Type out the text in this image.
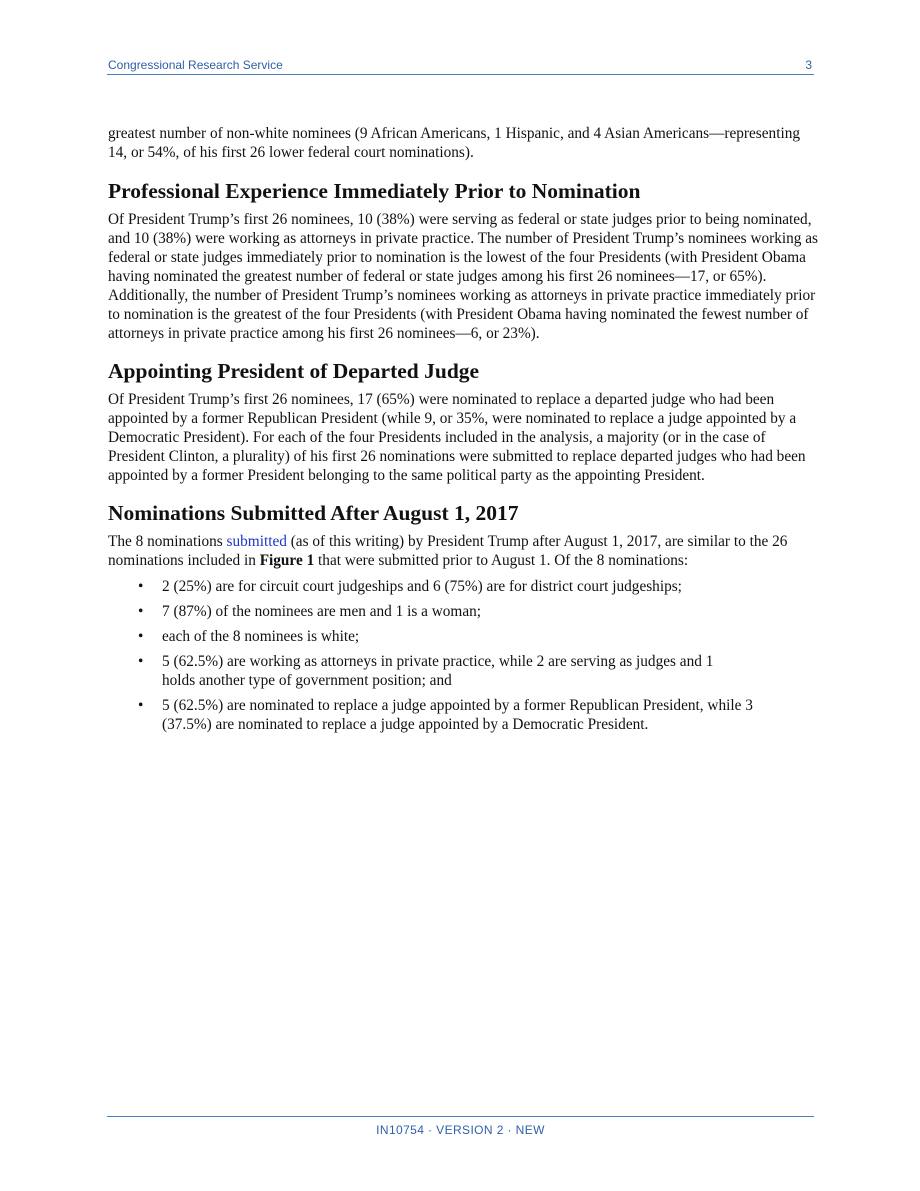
Congressional Research Service	3

greatest number of non-white nominees (9 African Americans, 1 Hispanic, and 4 Asian Americans—representing 14, or 54%, of his first 26 lower federal court nominations).

Professional Experience Immediately Prior to Nomination

Of President Trump’s first 26 nominees, 10 (38%) were serving as federal or state judges prior to being nominated, and 10 (38%) were working as attorneys in private practice. The number of President Trump’s nominees working as federal or state judges immediately prior to nomination is the lowest of the four Presidents (with President Obama having nominated the greatest number of federal or state judges among his first 26 nominees—17, or 65%). Additionally, the number of President Trump’s nominees working as attorneys in private practice immediately prior to nomination is the greatest of the four Presidents (with President Obama having nominated the fewest number of attorneys in private practice among his first 26 nominees—6, or 23%).

Appointing President of Departed Judge

Of President Trump’s first 26 nominees, 17 (65%) were nominated to replace a departed judge who had been appointed by a former Republican President (while 9, or 35%, were nominated to replace a judge appointed by a Democratic President). For each of the four Presidents included in the analysis, a majority (or in the case of President Clinton, a plurality) of his first 26 nominations were submitted to replace departed judges who had been appointed by a former President belonging to the same political party as the appointing President.

Nominations Submitted After August 1, 2017

The 8 nominations submitted (as of this writing) by President Trump after August 1, 2017, are similar to the 26 nominations included in Figure 1 that were submitted prior to August 1. Of the 8 nominations:

• 2 (25%) are for circuit court judgeships and 6 (75%) are for district court judgeships;
• 7 (87%) of the nominees are men and 1 is a woman;
• each of the 8 nominees is white;
• 5 (62.5%) are working as attorneys in private practice, while 2 are serving as judges and 1 holds another type of government position; and
• 5 (62.5%) are nominated to replace a judge appointed by a former Republican President, while 3 (37.5%) are nominated to replace a judge appointed by a Democratic President.
IN10754 · VERSION 2 · NEW
